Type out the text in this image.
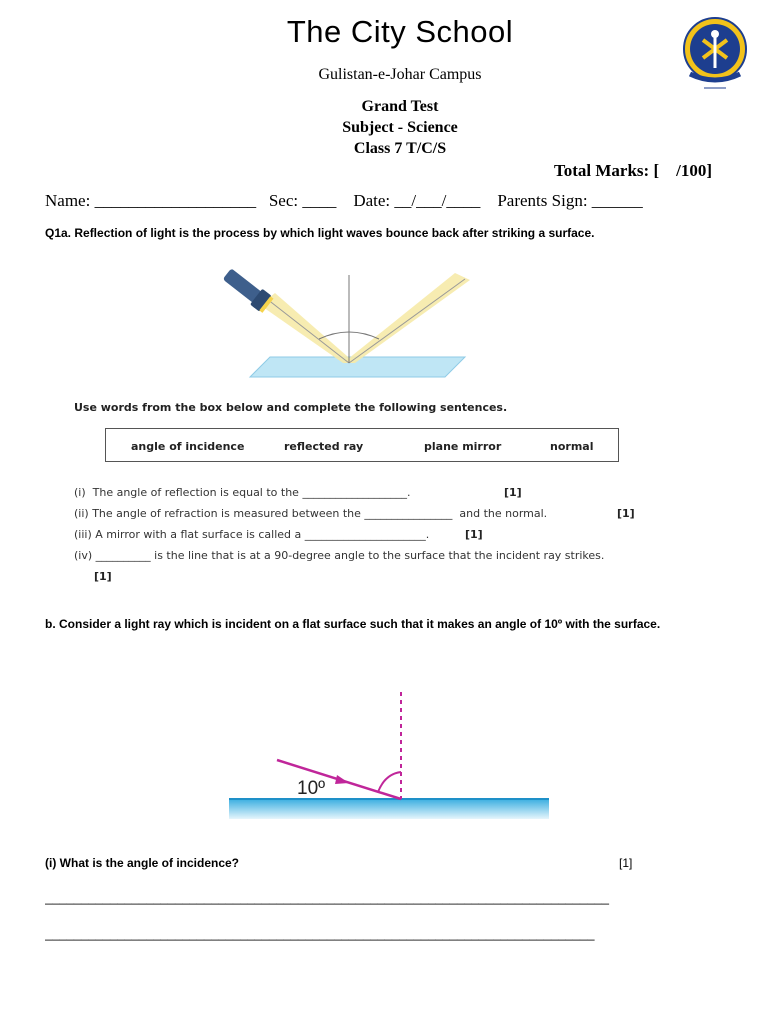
The City School
Gulistan-e-Johar Campus
Grand Test
Subject - Science
Class 7 T/C/S
Total Marks: [    /100]
Name: ___________________   Sec: ____    Date: __/___/____    Parents Sign: ______
Q1a. Reflection of light is the process by which light waves bounce back after striking a surface.
Use words from the box below and complete the following sentences.
angle of incidence	reflected ray	plane mirror	normal
(i)  The angle of reflection is equal to the ___________________.	[1]
(ii) The angle of refraction is measured between the ________________  and the normal.	[1]
(iii) A mirror with a flat surface is called a ______________________.	[1]
(iv) __________ is the line that is at a 90-degree angle to the surface that the incident ray strikes.
[1]
b. Consider a light ray which is incident on a flat surface such that it makes an angle of 10º with the surface.
10º
(i) What is the angle of incidence?	[1]
______________________________________________________________________________
____________________________________________________________________________
